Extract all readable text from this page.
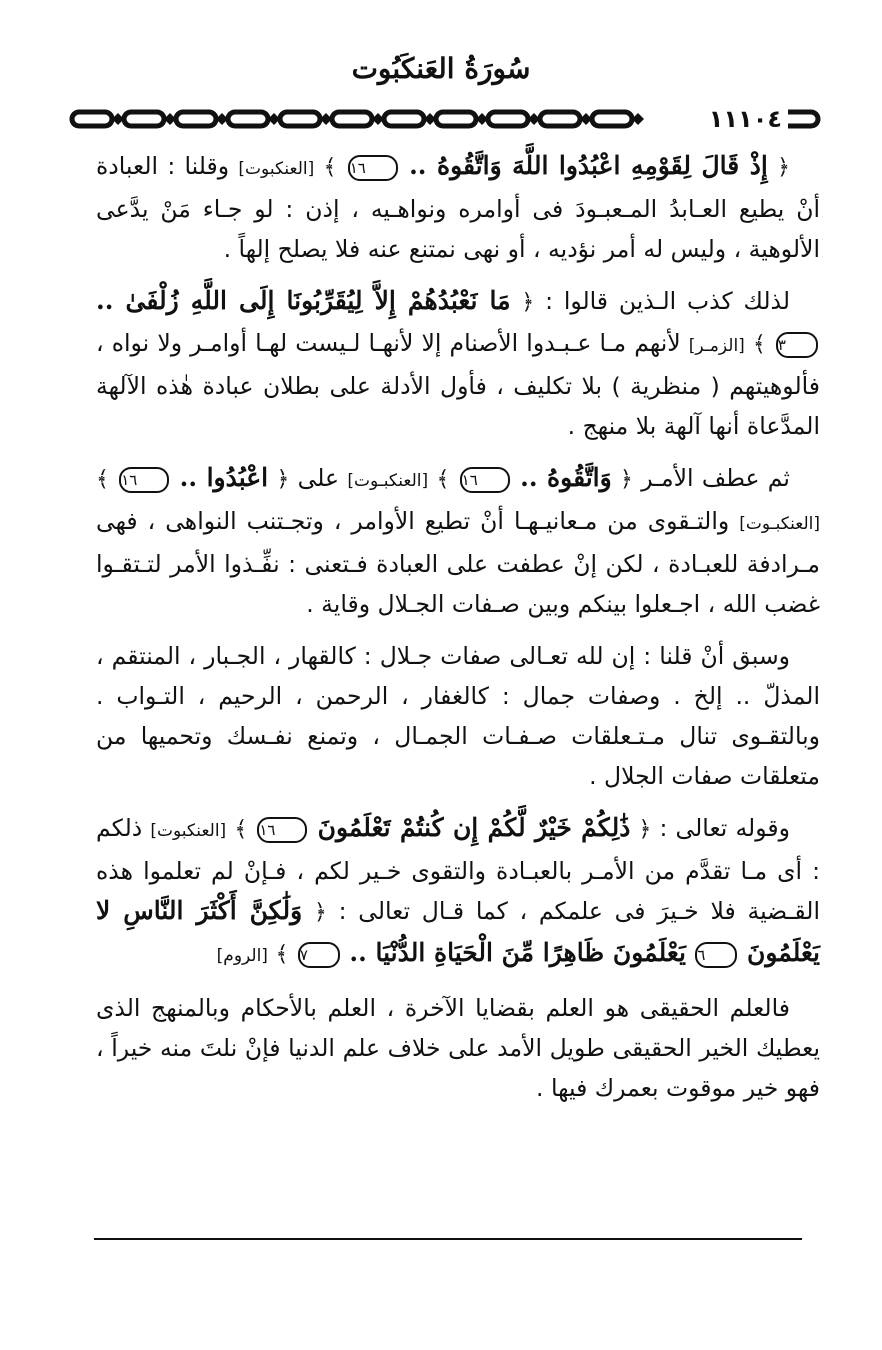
سُورَةُ العَنكَبُوت
١١١٠٤

﴿ إِذْ قَالَ لِقَوْمِهِ اعْبُدُوا اللَّهَ وَاتَّقُوهُ .. ١٦ ﴾ [العنكبوت] وقلنا : العبادة أنْ يطيع العـابدُ المـعبـودَ فى أوامره ونواهـيه ، إذن : لو جـاء مَنْ يدَّعى الألوهية ، وليس له أمر نؤديه ، أو نهى نمتنع عنه فلا يصلح إلهاً .

لذلك كذب الـذين قالوا : ﴿ مَا نَعْبُدُهُمْ إِلاَّ لِيُقَرِّبُونَا إِلَى اللَّهِ زُلْفَىٰ .. ٣ ﴾ [الزمـر] لأنهم مـا عـبـدوا الأصنام إلا لأنهـا لـيست لهـا أوامـر ولا نواه ، فألوهيتهم ( منظرية ) بلا تكليف ، فأول الأدلة على بطلان عبادة هٰذه الآلهة المدَّعاة أنها آلهة بلا منهج .

ثم عطف الأمـر ﴿ وَاتَّقُوهُ .. ١٦ ﴾ [العنكبـوت] على ﴿ اعْبُدُوا .. ١٦ ﴾ [العنكبـوت] والتـقوى من مـعانيـهـا أنْ تطيع الأوامر ، وتجـتنب النواهى ، فهى مـرادفة للعبـادة ، لكن إنْ عطفت على العبادة فـتعنى : نفِّـذوا الأمر لتـتقـوا غضب الله ، اجـعلوا بينكم وبين صـفات الجـلال وقاية .

وسبق أنْ قلنا : إن لله تعـالى صفات جـلال : كالقهار ، الجـبار ، المنتقم ، المذلّ .. إلخ . وصفات جمال : كالغفار ، الرحمن ، الرحيم ، التـواب . وبالتقـوى تنال مـتـعلقات صـفـات الجمـال ، وتمنع نفـسك وتحميها من متعلقات صفات الجلال .

وقوله تعالى : ﴿ ذَٰلِكُمْ خَيْرٌ لَّكُمْ إِن كُنتُمْ تَعْلَمُونَ ١٦ ﴾ [العنكبوت] ذلكم : أى مـا تقدَّم من الأمـر بالعبـادة والتقوى خـير لكم ، فـإنْ لم تعلموا هذه القـضية فلا خـيرَ فى علمكم ، كما قـال تعالى : ﴿ وَلَٰكِنَّ أَكْثَرَ النَّاسِ لا يَعْلَمُونَ ٦ يَعْلَمُونَ ظَاهِرًا مِّنَ الْحَيَاةِ الدُّنْيَا .. ٧ ﴾ [الروم]

فالعلم الحقيقى هو العلم بقضايا الآخرة ، العلم بالأحكام وبالمنهج الذى يعطيك الخير الحقيقى طويل الأمد على خلاف علم الدنيا فإنْ نلتَ منه خيراً ، فهو خير موقوت بعمرك فيها .
